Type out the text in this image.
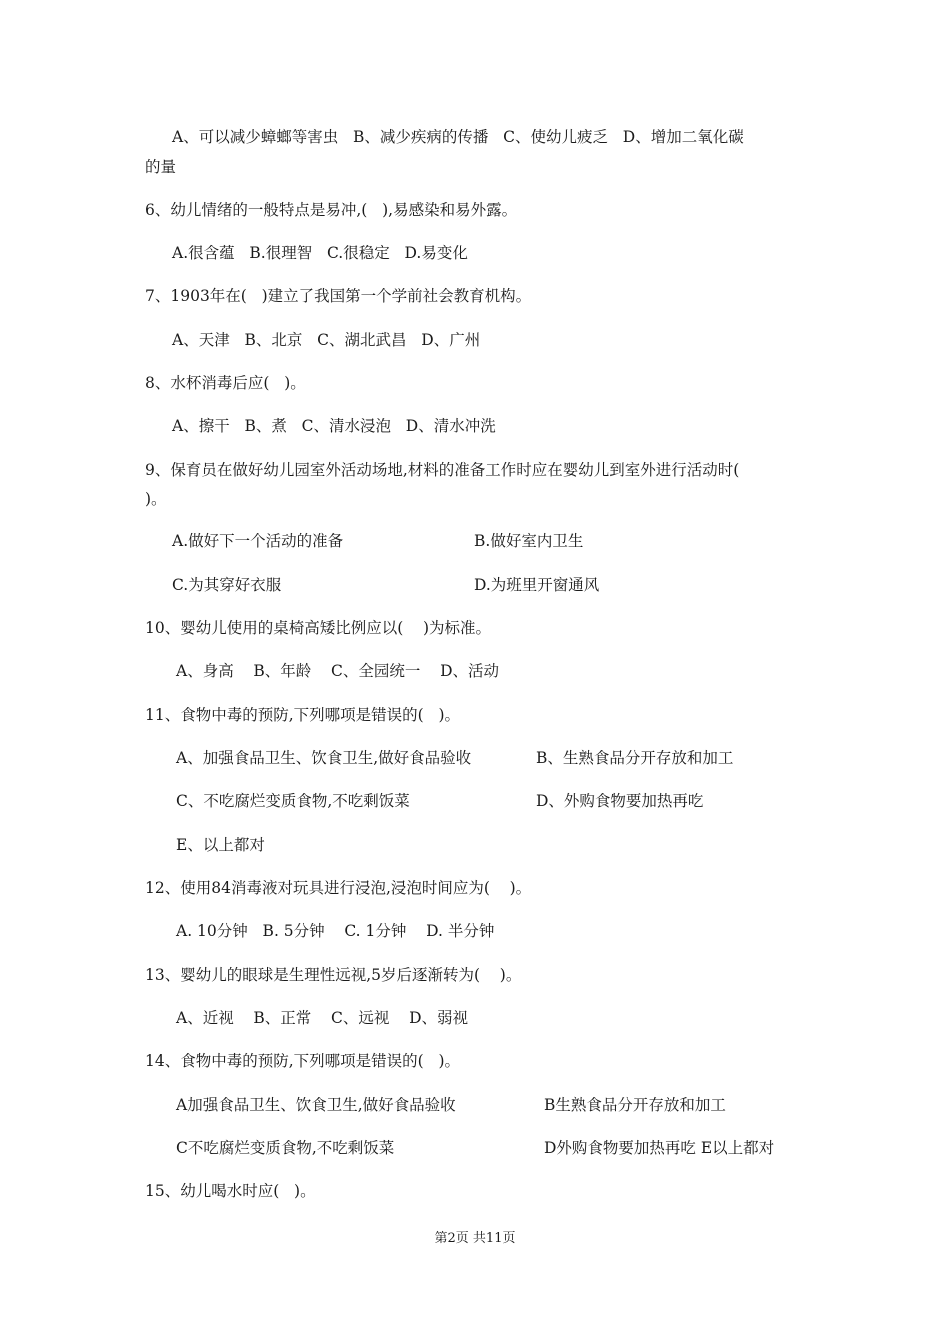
A、可以减少蟑螂等害虫   B、减少疾病的传播   C、使幼儿疲乏   D、增加二氧化碳
的量
6、幼儿情绪的一般特点是易冲,(   ),易感染和易外露。
A.很含蕴   B.很理智   C.很稳定   D.易变化
7、1903年在(   )建立了我国第一个学前社会教育机构。
A、天津   B、北京   C、湖北武昌   D、广州
8、水杯消毒后应(   )。
A、擦干   B、煮   C、清水浸泡   D、清水冲洗
9、保育员在做好幼儿园室外活动场地,材料的准备工作时应在婴幼儿到室外进行活动时(
)。
A.做好下一个活动的准备	B.做好室内卫生
C.为其穿好衣服	D.为班里开窗通风
10、婴幼儿使用的桌椅高矮比例应以(    )为标准。
A、身高    B、年龄    C、全园统一    D、活动
11、食物中毒的预防,下列哪项是错误的(   )。
A、加强食品卫生、饮食卫生,做好食品验收	B、生熟食品分开存放和加工
C、不吃腐烂变质食物,不吃剩饭菜	D、外购食物要加热再吃
E、以上都对
12、使用84消毒液对玩具进行浸泡,浸泡时间应为(    )。
A. 10分钟   B. 5分钟    C. 1分钟    D. 半分钟
13、婴幼儿的眼球是生理性远视,5岁后逐渐转为(    )。
A、近视    B、正常    C、远视    D、弱视
14、食物中毒的预防,下列哪项是错误的(   )。
A加强食品卫生、饮食卫生,做好食品验收	B生熟食品分开存放和加工
C不吃腐烂变质食物,不吃剩饭菜	D外购食物要加热再吃 E以上都对
15、幼儿喝水时应(   )。
第2页 共11页
